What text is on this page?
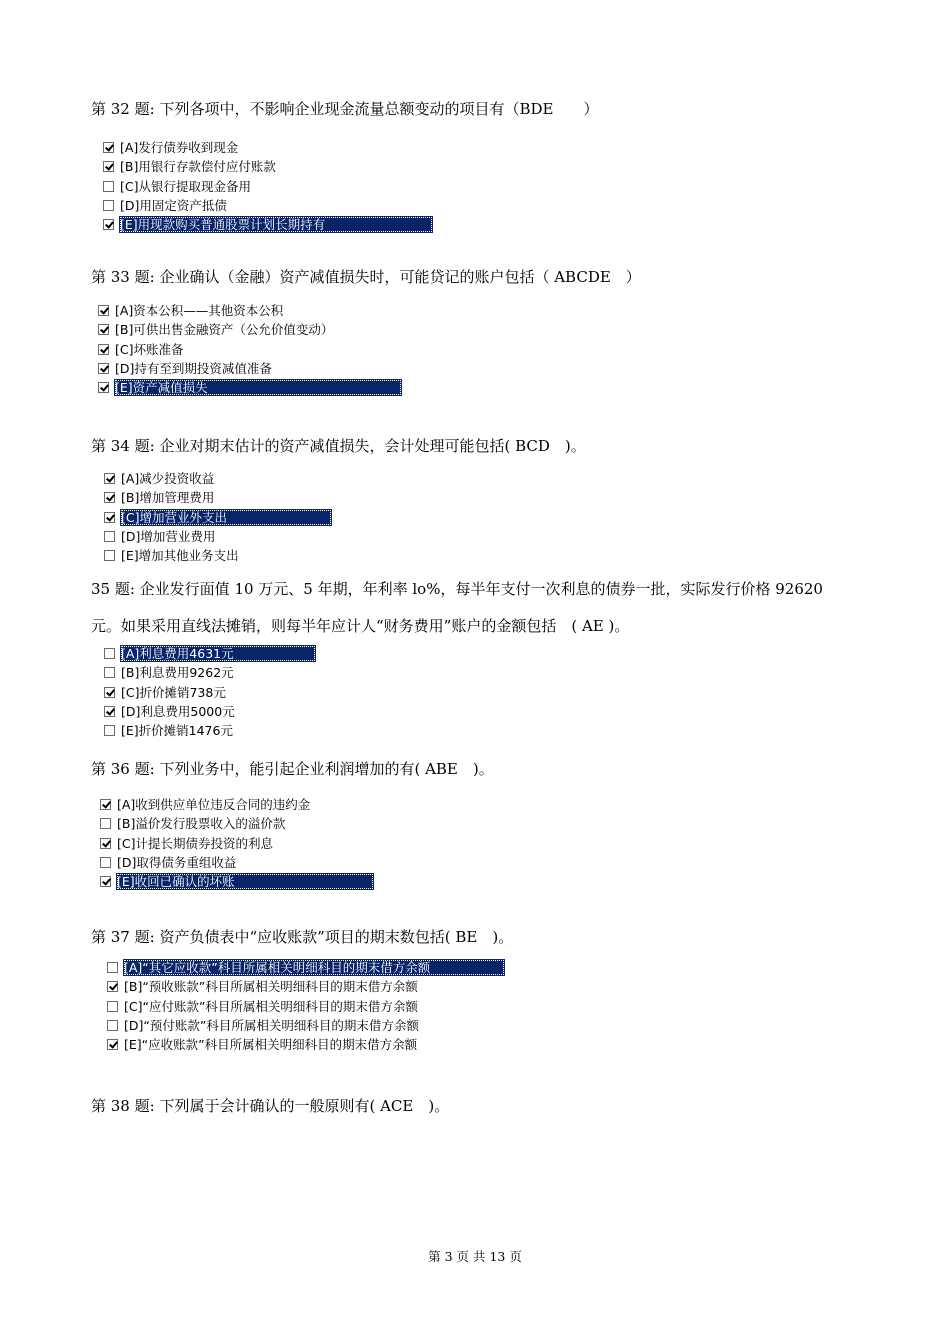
第 32 题: 下列各项中，不影响企业现金流量总额变动的项目有（BDE　　）
[A]发行债券收到现金
[B]用银行存款偿付应付账款
[C]从银行提取现金备用
[D]用固定资产抵债
[E]用现款购买普通股票计划长期持有
第 33 题: 企业确认（金融）资产减值损失时，可能贷记的账户包括（ ABCDE　）
[A]资本公积——其他资本公积
[B]可供出售金融资产（公允价值变动）
[C]坏账准备
[D]持有至到期投资减值准备
[E]资产减值损失
第 34 题: 企业对期末估计的资产减值损失，会计处理可能包括( BCD　)。
[A]减少投资收益
[B]增加管理费用
[C]增加营业外支出
[D]增加营业费用
[E]增加其他业务支出
35 题: 企业发行面值 10 万元、5 年期，年利率 lo%，每半年支付一次利息的债券一批，实际发行价格 92620
元。如果采用直线法摊销，则每半年应计人“财务费用”账户的金额包括　( AE )。
[A]利息费用4631元
[B]利息费用9262元
[C]折价摊销738元
[D]利息费用5000元
[E]折价摊销1476元
第 36 题: 下列业务中，能引起企业利润增加的有( ABE　)。
[A]收到供应单位违反合同的违约金
[B]溢价发行股票收入的溢价款
[C]计提长期债券投资的利息
[D]取得债务重组收益
[E]收回已确认的坏账
第 37 题: 资产负债表中“应收账款”项目的期末数包括( BE　)。
[A]“其它应收款”科目所属相关明细科目的期末借方余额
[B]“预收账款”科目所属相关明细科目的期末借方余额
[C]“应付账款”科目所属相关明细科目的期末借方余额
[D]“预付账款”科目所属相关明细科目的期末借方余额
[E]“应收账款”科目所属相关明细科目的期末借方余额
第 38 题: 下列属于会计确认的一般原则有( ACE　)。
第 3 页 共 13 页
